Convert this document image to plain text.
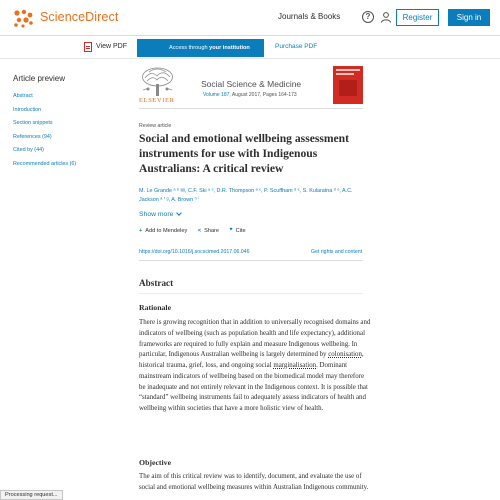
ScienceDirect	Journals & Books	?	Register	Sign in
View PDF	Access through your institution	Purchase PDF
Article preview
Abstract
Introduction
Section snippets
References (94)
Cited by (44)
Recommended articles (6)
ELSEVIER
Social Science & Medicine
Volume 187, August 2017, Pages 164-173
Review article
Social and emotional wellbeing assessment instruments for use with Indigenous Australians: A critical review
M. Le Grande ᵃ ᵇ ✉, C.F. Ski ᵃ ᶜ, D.R. Thompson ᵃ ᶜ, P. Scuffham ᵈ ᵉ, S. Kularatna ᵈ ᵉ, A.C.
Jackson ᵃ ᶠ ᵍ, A. Brown ʰ ⁱ
Show more
+ Add to Mendeley < Share ❞ Cite
https://doi.org/10.1016/j.socscimed.2017.06.046	Get rights and content
Abstract
Rationale

There is growing recognition that in addition to universally recognised domains and indicators of wellbeing (such as population health and life expectancy), additional frameworks are required to fully explain and measure Indigenous wellbeing. In particular, Indigenous Australian wellbeing is largely determined by colonisation, historical trauma, grief, loss, and ongoing social marginalisation. Dominant mainstream indicators of wellbeing based on the biomedical model may therefore be inadequate and not entirely relevant in the Indigenous context. It is possible that “standard” wellbeing instruments fail to adequately assess indicators of health and wellbeing within societies that have a more holistic view of health.

Objective

The aim of this critical review was to identify, document, and evaluate the use of social and emotional wellbeing measures within Australian Indigenous community.

Processing request...
